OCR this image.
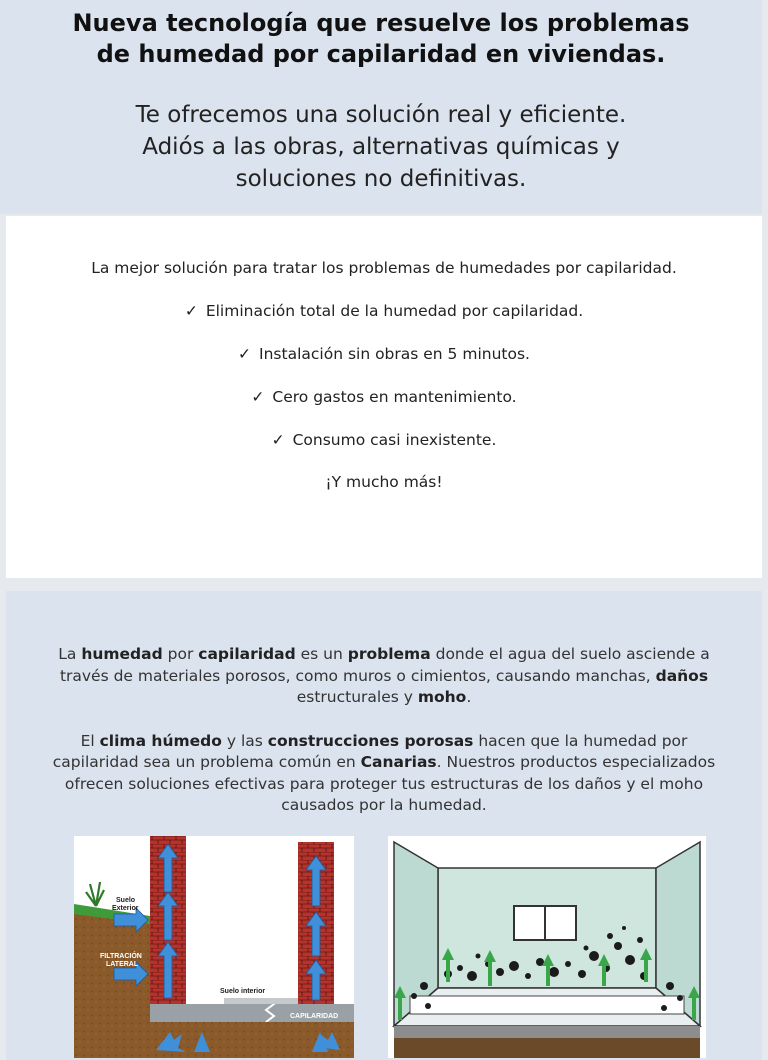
Nueva tecnología que resuelve los problemas
de humedad por capilaridad en viviendas.
Te ofrecemos una solución real y eficiente.
Adiós a las obras, alternativas químicas y
soluciones no definitivas.
La mejor solución para tratar los problemas de humedades por capilaridad.
✓ Eliminación total de la humedad por capilaridad.
✓ Instalación sin obras en 5 minutos.
✓ Cero gastos en mantenimiento.
✓ Consumo casi inexistente.
¡Y mucho más!

La humedad por capilaridad es un problema donde el agua del suelo asciende a través de materiales porosos, como muros o cimientos, causando manchas, daños estructurales y moho.

El clima húmedo y las construcciones porosas hacen que la humedad por capilaridad sea un problema común en Canarias. Nuestros productos especializados ofrecen soluciones efectivas para proteger tus estructuras de los daños y el moho causados por la humedad.

Suelo
Exterior
FILTRACIÓN
LATERAL
Suelo interior
CAPILARIDAD
